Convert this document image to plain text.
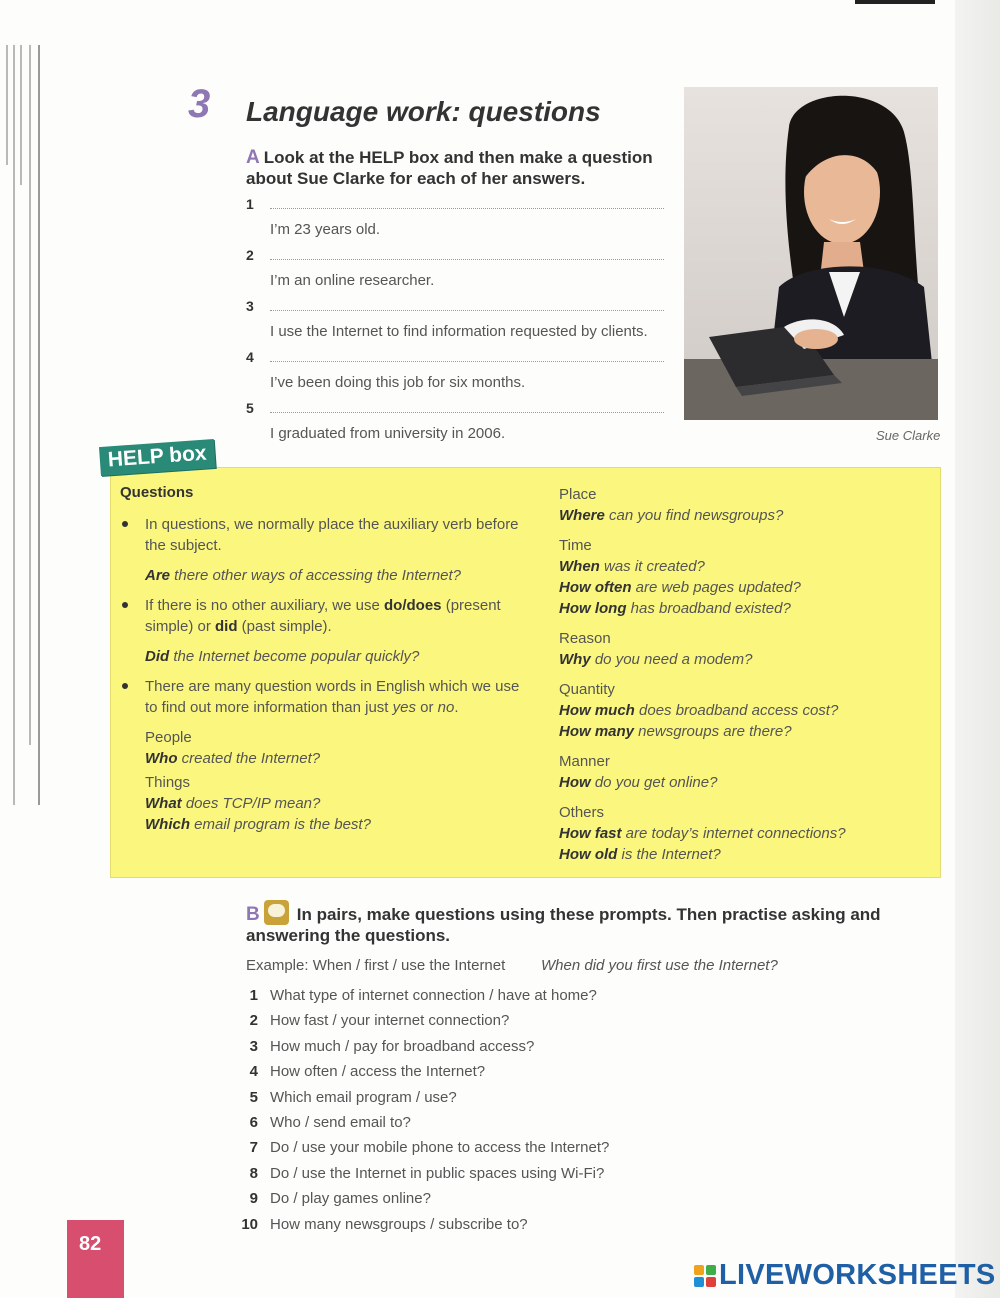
3 Language work: questions
A Look at the HELP box and then make a question about Sue Clarke for each of her answers.
1
I’m 23 years old.
2
I’m an online researcher.
3
I use the Internet to find information requested by clients.
4
I’ve been doing this job for six months.
5
I graduated from university in 2006.	Sue Clarke
HELP box
Questions
In questions, we normally place the auxiliary verb before the subject.
Are there other ways of accessing the Internet?
If there is no other auxiliary, we use do/does (present simple) or did (past simple).
Did the Internet become popular quickly?
There are many question words in English which we use to find out more information than just yes or no.
People
Who created the Internet?
Things
What does TCP/IP mean?
Which email program is the best?
Place
Where can you find newsgroups?
Time
When was it created?
How often are web pages updated?
How long has broadband existed?
Reason
Why do you need a modem?
Quantity
How much does broadband access cost?
How many newsgroups are there?
Manner
How do you get online?
Others
How fast are today’s internet connections?
How old is the Internet?
B In pairs, make questions using these prompts. Then practise asking and answering the questions.
Example: When / first / use the Internet When did you first use the Internet?
1 What type of internet connection / have at home?
2 How fast / your internet connection?
3 How much / pay for broadband access?
4 How often / access the Internet?
5 Which email program / use?
6 Who / send email to?
7 Do / use your mobile phone to access the Internet?
8 Do / use the Internet in public spaces using Wi-Fi?
9 Do / play games online?
10 How many newsgroups / subscribe to?
82
LIVEWORKSHEETS
